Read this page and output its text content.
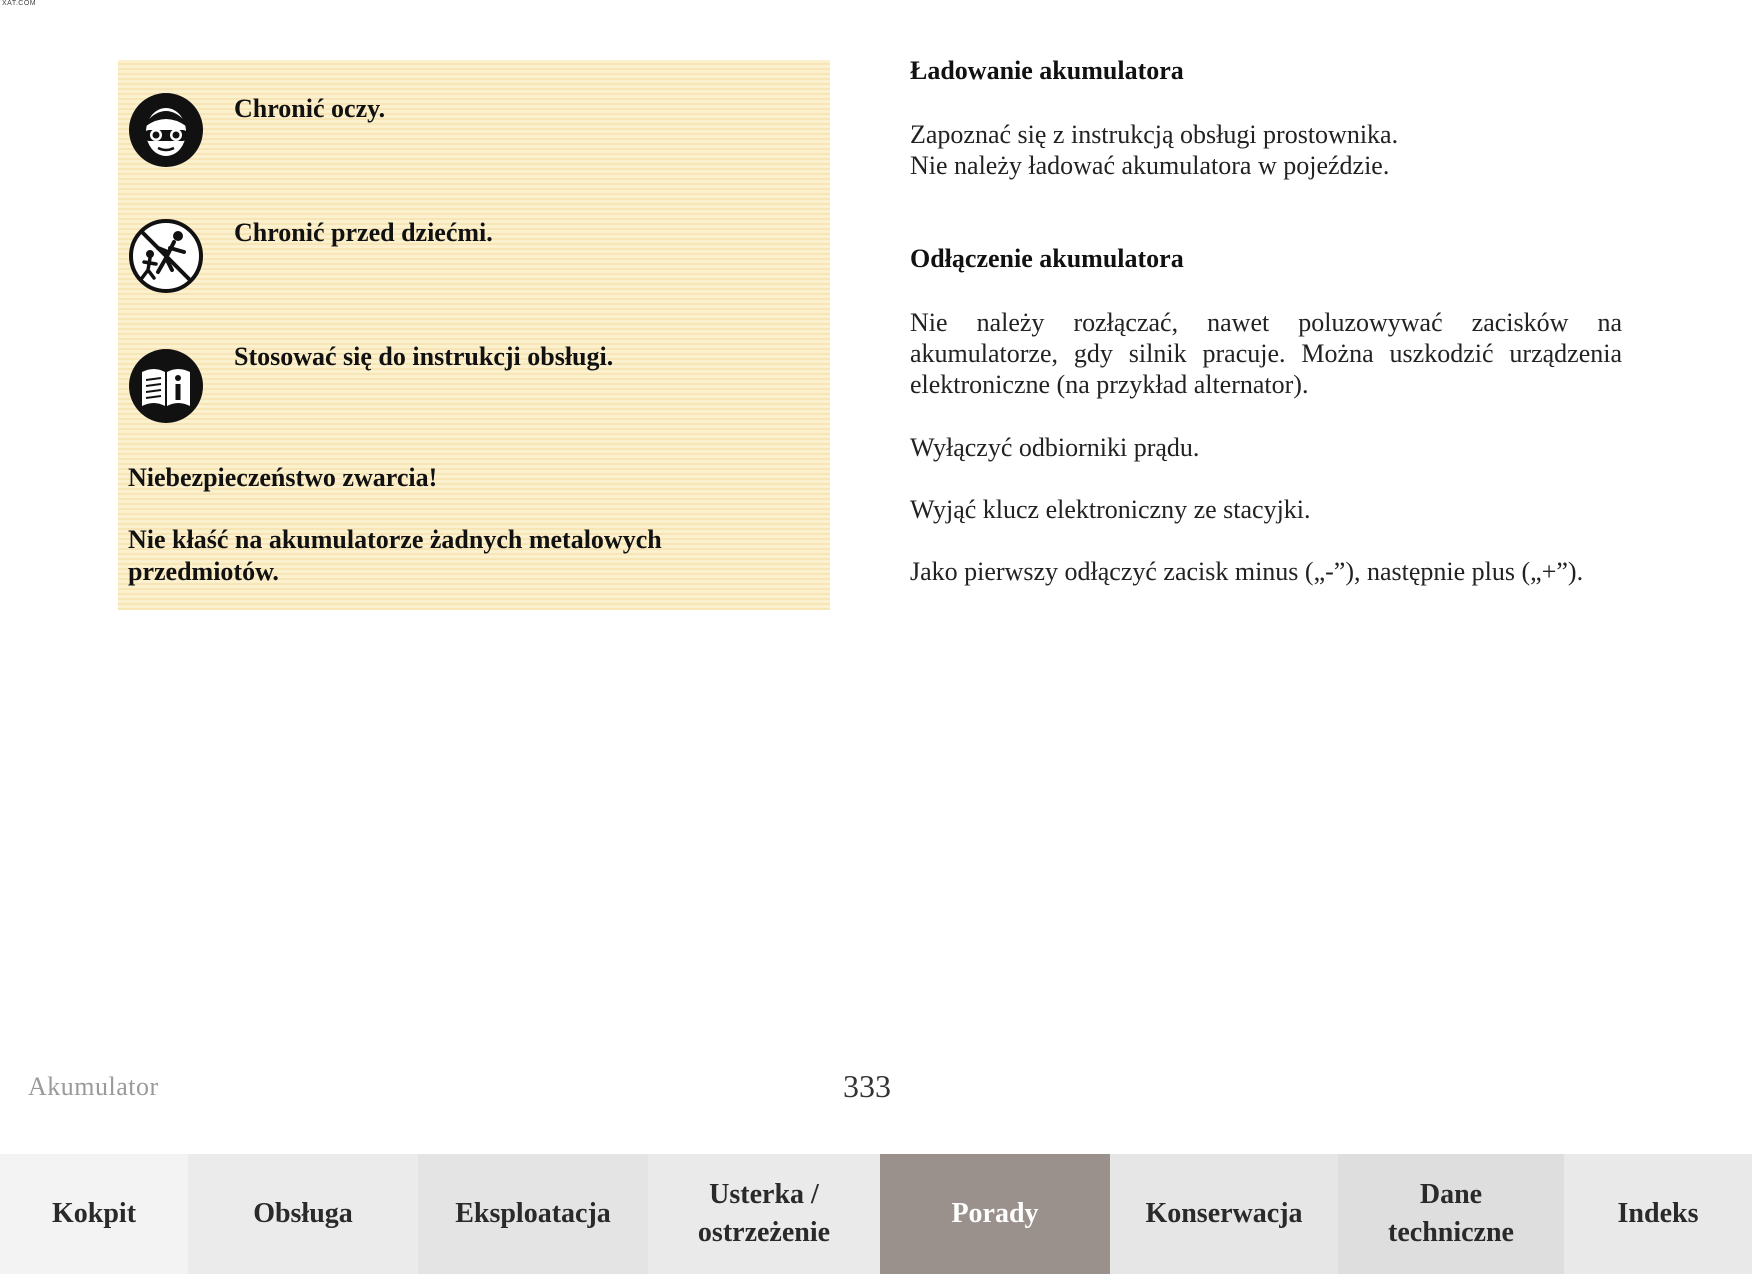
XAT.COM
Chronić oczy.
Chronić przed dziećmi.
Stosować się do instrukcji obsługi.
Niebezpieczeństwo zwarcia!
Nie kłaść na akumulatorze żadnych metalowych przedmiotów.
Ładowanie akumulatora
Zapoznać się z instrukcją obsługi prostownika.
Nie należy ładować akumulatora w pojeździe.
Odłączenie akumulatora
Nie należy rozłączać, nawet poluzowywać zacisków na akumulatorze, gdy silnik pracuje. Można uszkodzić urządzenia elektroniczne (na przykład alternator).
Wyłączyć odbiorniki prądu.
Wyjąć klucz elektroniczny ze stacyjki.
Jako pierwszy odłączyć zacisk minus („-”), następnie plus („+”).
Akumulator	333
Kokpit	Obsługa	Eksploatacja
Usterka /
ostrzeżenie
Porady	Konserwacja
Dane
techniczne
Indeks
